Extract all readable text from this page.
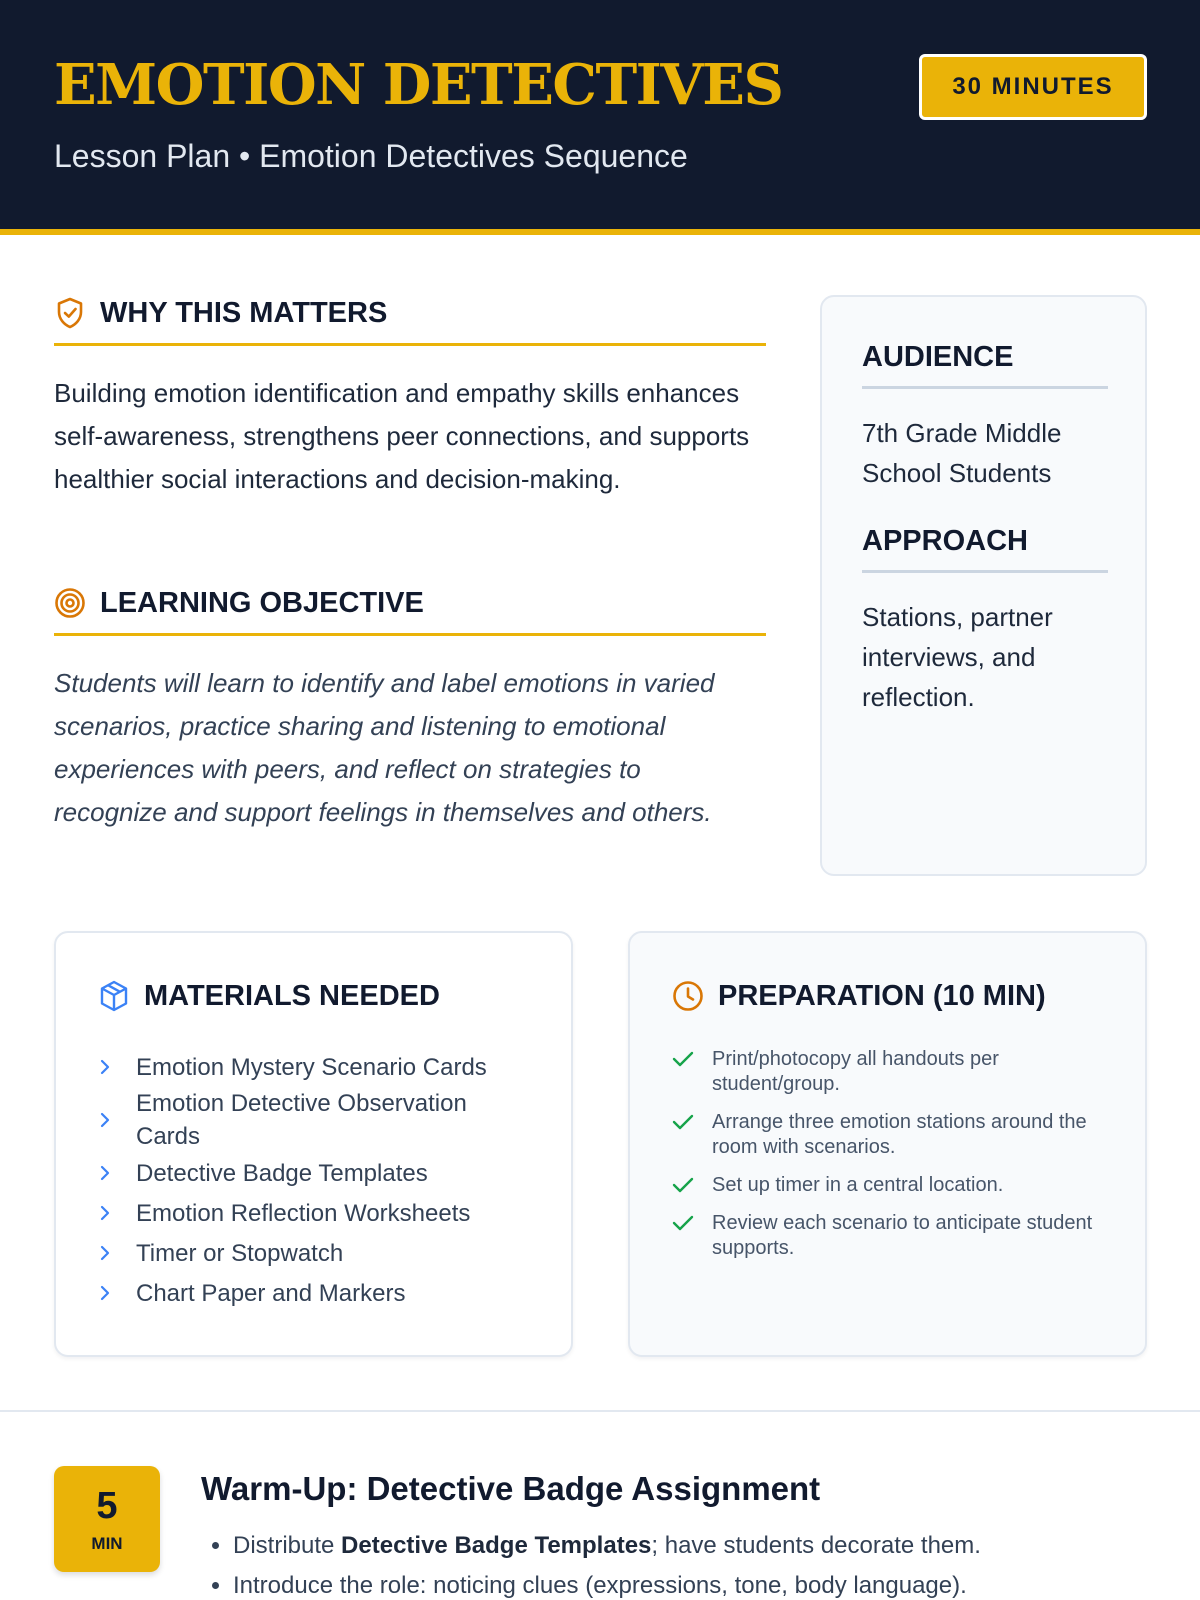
EMOTION DETECTIVES
Lesson Plan • Emotion Detectives Sequence
30 MINUTES
WHY THIS MATTERS
Building emotion identification and empathy skills enhances self-awareness, strengthens peer connections, and supports healthier social interactions and decision-making.
LEARNING OBJECTIVE
Students will learn to identify and label emotions in varied scenarios, practice sharing and listening to emotional experiences with peers, and reflect on strategies to recognize and support feelings in themselves and others.
AUDIENCE
7th Grade Middle School Students
APPROACH
Stations, partner interviews, and reflection.
MATERIALS NEEDED
Emotion Mystery Scenario Cards
Emotion Detective Observation Cards
Detective Badge Templates
Emotion Reflection Worksheets
Timer or Stopwatch
Chart Paper and Markers
PREPARATION (10 MIN)
Print/photocopy all handouts per student/group.
Arrange three emotion stations around the room with scenarios.
Set up timer in a central location.
Review each scenario to anticipate student supports.
5
MIN
Warm-Up: Detective Badge Assignment
• Distribute Detective Badge Templates; have students decorate them.
• Introduce the role: noticing clues (expressions, tone, body language).
